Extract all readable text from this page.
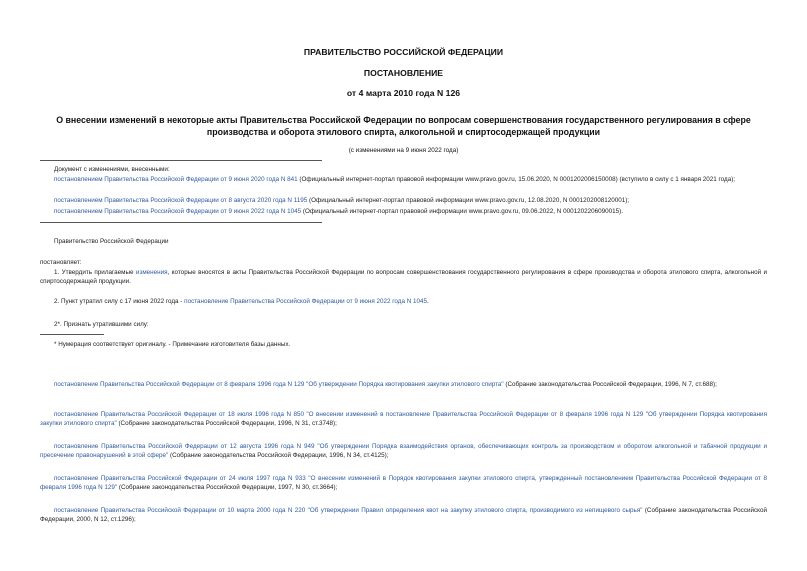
ПРАВИТЕЛЬСТВО РОССИЙСКОЙ ФЕДЕРАЦИИ
ПОСТАНОВЛЕНИЕ
от 4 марта 2010 года N 126
О внесении изменений в некоторые акты Правительства Российской Федерации по вопросам совершенствования государственного регулирования в сфере
производства и оборота этилового спирта, алкогольной и спиртосодержащей продукции
(с изменениями на 9 июня 2022 года)
Документ с изменениями, внесенными:
постановлением Правительства Российской Федерации от 9 июня 2020 года N 841 (Официальный интернет-портал правовой информации www.pravo.gov.ru, 15.06.2020, N 0001202006150008) (вступило в силу с 1 января 2021 года);
постановлением Правительства Российской Федерации от 8 августа 2020 года N 1195 (Официальный интернет-портал правовой информации www.pravo.gov.ru, 12.08.2020, N 0001202008120001);
постановлением Правительства Российской Федерации от 9 июня 2022 года N 1045 (Официальный интернет-портал правовой информации www.pravo.gov.ru, 09.06.2022, N 0001202206090015).
Правительство Российской Федерации
постановляет:
1. Утвердить прилагаемые изменения, которые вносятся в акты Правительства Российской Федерации по вопросам совершенствования государственного регулирования в сфере производства и оборота этилового спирта, алкогольной и спиртосодержащей продукции.
2. Пункт утратил силу с 17 июня 2022 года - постановление Правительства Российской Федерации от 9 июня 2022 года N 1045.
2*. Признать утратившими силу:
* Нумерация соответствует оригиналу. - Примечание изготовителя базы данных.
постановление Правительства Российской Федерации от 8 февраля 1996 года N 129 "Об утверждении Порядка квотирования закупки этилового спирта" (Собрание законодательства Российской Федерации, 1996, N 7, ст.688);
постановление Правительства Российской Федерации от 18 июля 1996 года N 850 "О внесении изменений в постановление Правительства Российской Федерации от 8 февраля 1996 года N 129 "Об утверждении Порядка квотирования закупки этилового спирта" (Собрание законодательства Российской Федерации, 1996, N 31, ст.3748);
постановление Правительства Российской Федерации от 12 августа 1996 года N 949 "Об утверждении Порядка взаимодействия органов, обеспечивающих контроль за производством и оборотом алкогольной и табачной продукции и пресечение правонарушений в этой сфере" (Собрание законодательства Российской Федерации, 1996, N 34, ст.4125);
постановление Правительства Российской Федерации от 24 июля 1997 года N 933 "О внесении изменений в Порядок квотирования закупки этилового спирта, утвержденный постановлением Правительства Российской Федерации от 8 февраля 1996 года N 129" (Собрание законодательства Российской Федерации, 1997, N 30, ст.3664);
постановление Правительства Российской Федерации от 10 марта 2000 года N 220 "Об утверждении Правил определения квот на закупку этилового спирта, производимого из непищевого сырья" (Собрание законодательства Российской Федерации, 2000, N 12, ст.1296);
